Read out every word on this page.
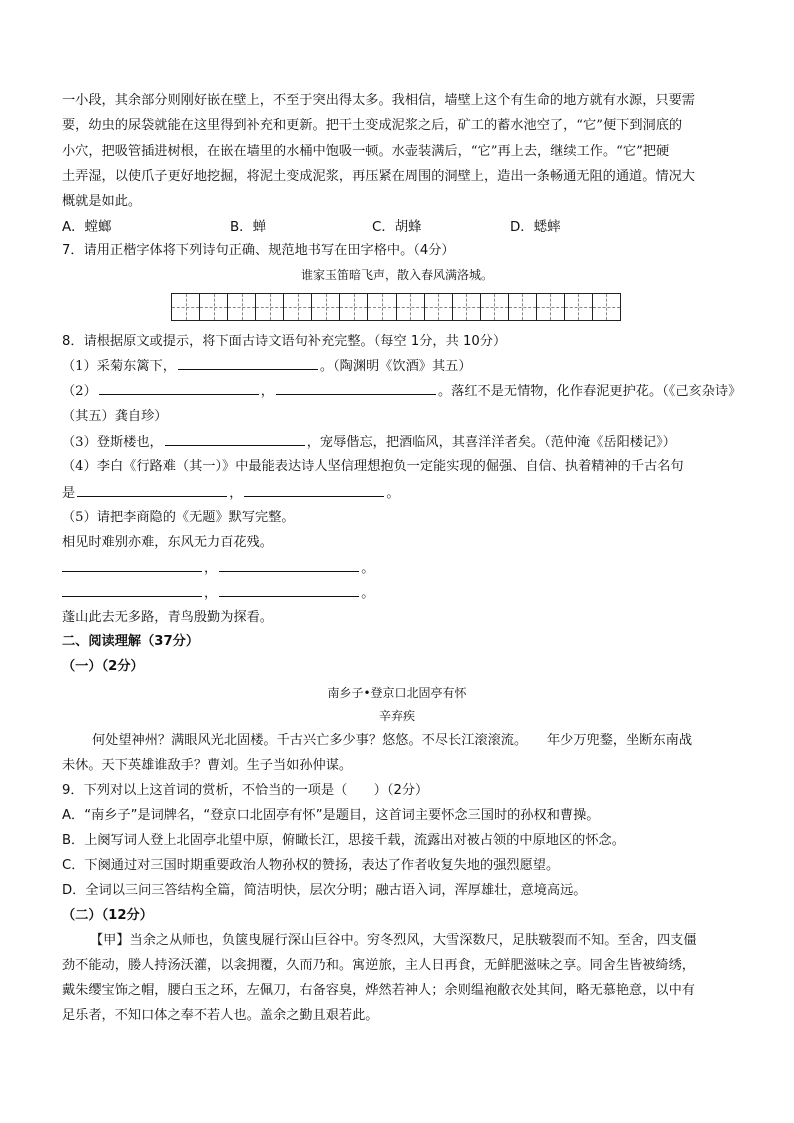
一小段，其余部分则刚好嵌在壁上，不至于突出得太多。我相信，墙壁上这个有生命的地方就有水源，只要需
要，幼虫的尿袋就能在这里得到补充和更新。把干土变成泥浆之后，矿工的蓄水池空了，“它”便下到洞底的
小穴，把吸管插进树根，在嵌在墙里的水桶中饱吸一顿。水壶装满后，“它”再上去，继续工作。“它”把硬
土弄湿，以使爪子更好地挖掘，将泥土变成泥浆，再压紧在周围的洞壁上，造出一条畅通无阻的通道。情况大
概就是如此。
A．螳螂	B．蝉	C．胡蜂	D．蟋蟀
7．请用正楷字体将下列诗句正确、规范地书写在田字格中。（4分）
谁家玉笛暗飞声，散入春风满洛城。
8．请根据原文或提示，将下面古诗文语句补充完整。（每空 1分，共 10分）
（1）采菊东篱下，	。（陶渊明《饮酒》其五）
（2）	，	。落红不是无情物，化作春泥更护花。（《己亥杂诗》
（其五）龚自珍）
（3）登斯楼也，	，宠辱偕忘，把酒临风，其喜洋洋者矣。（范仲淹《岳阳楼记》）
（4）李白《行路难（其一）》中最能表达诗人坚信理想抱负一定能实现的倔强、自信、执着精神的千古名句
是	，	。
（5）请把李商隐的《无题》默写完整。
相见时难别亦难，东风无力百花残。
，	。
，	。
蓬山此去无多路，青鸟殷勤为探看。
二、阅读理解（37分）
（一）（2分）
南乡子•登京口北固亭有怀
辛弃疾
何处望神州？满眼风光北固楼。千古兴亡多少事？悠悠。不尽长江滚滚流。　　年少万兜鍪，坐断东南战
未休。天下英雄谁敌手？曹刘。生子当如孙仲谋。
9．下列对以上这首词的赏析，不恰当的一项是（　　）（2分）
A．“南乡子”是词牌名，“登京口北固亭有怀”是题目，这首词主要怀念三国时的孙权和曹操。
B．上阕写词人登上北固亭北望中原，俯瞰长江，思接千载，流露出对被占领的中原地区的怀念。
C．下阕通过对三国时期重要政治人物孙权的赞扬，表达了作者收复失地的强烈愿望。
D．全词以三问三答结构全篇，简洁明快，层次分明；融古语入词，浑厚雄壮，意境高远。
（二）（12分）
【甲】当余之从师也，负箧曳屣行深山巨谷中。穷冬烈风，大雪深数尺，足肤皲裂而不知。至舍，四支僵
劲不能动，媵人持汤沃灌，以衾拥覆，久而乃和。寓逆旅，主人日再食，无鲜肥滋味之享。同舍生皆被绮绣，
戴朱缨宝饰之帽，腰白玉之环，左佩刀，右备容臭，烨然若神人；余则缊袍敝衣处其间，略无慕艳意，以中有
足乐者，不知口体之奉不若人也。盖余之勤且艰若此。
